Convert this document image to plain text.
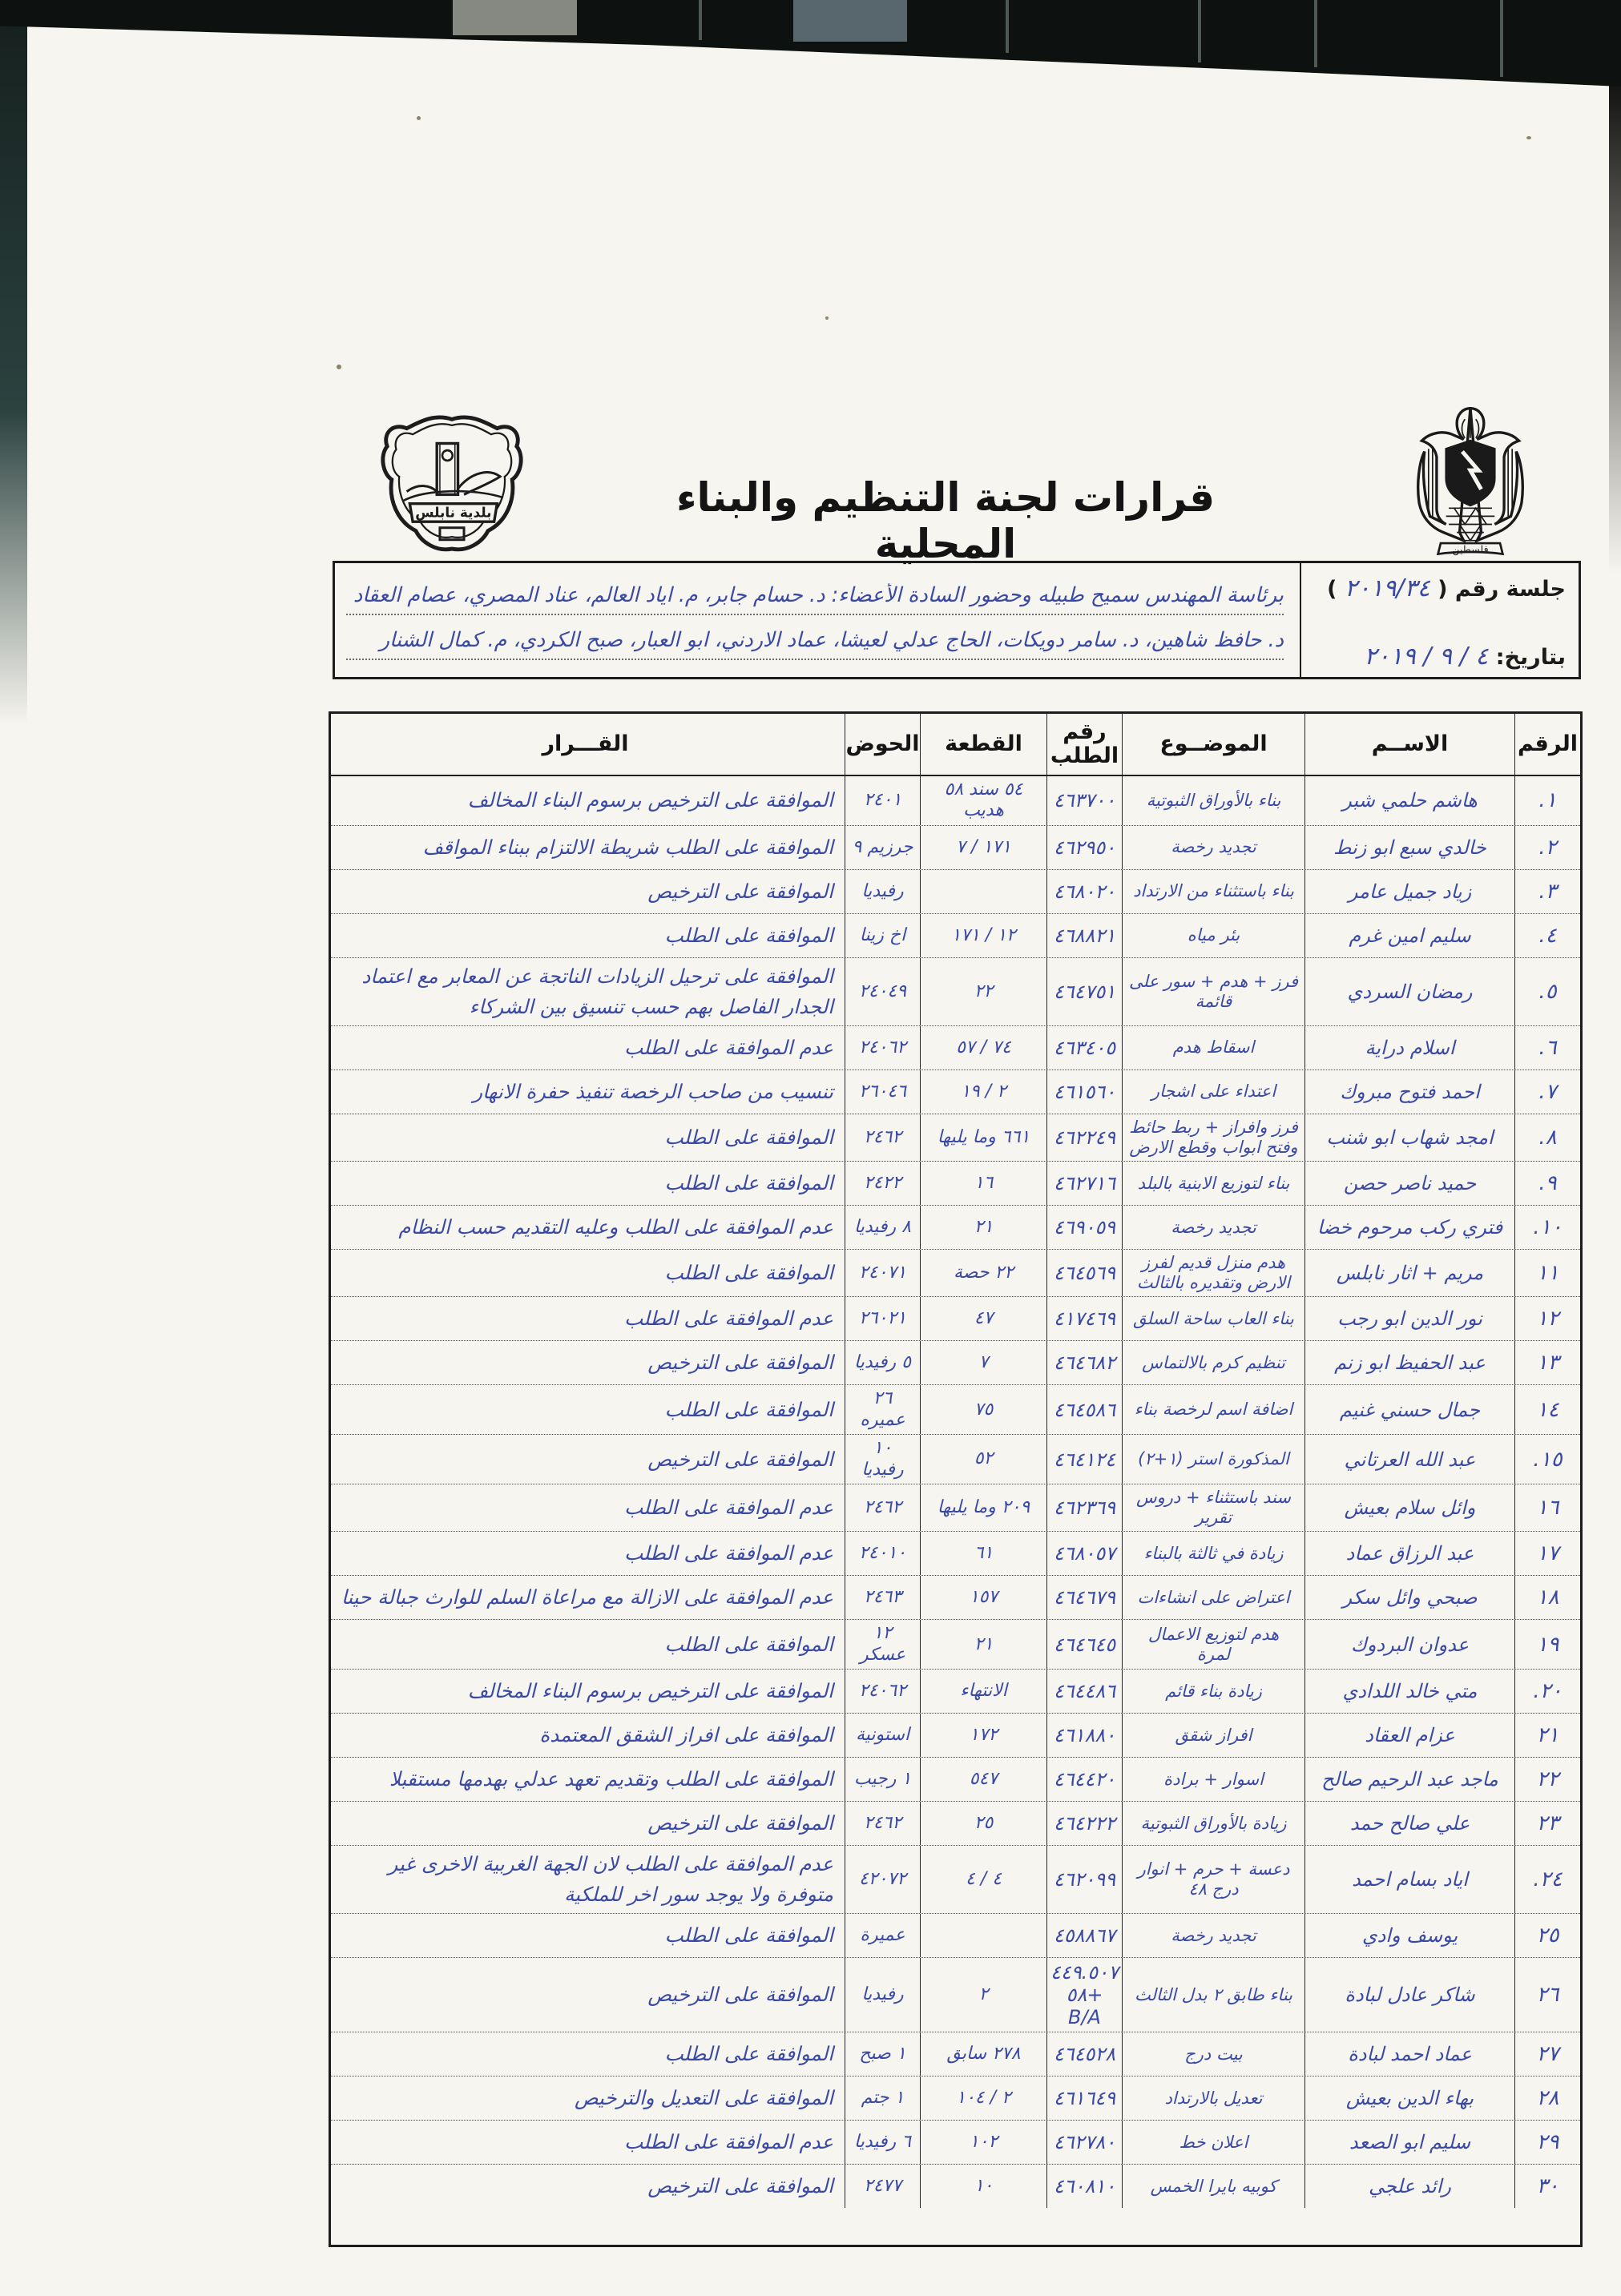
بلدية نابلس
فلسطين
قرارات لجنة التنظيم والبناء المحلية
جلسة رقم ( ٢٠١٩/٣٤ )
بتاريخ: ٤ / ٩ / ٢٠١٩
برئاسة المهندس سميح طبيله وحضور السادة الأعضاء: د. حسام جابر، م. اياد العالم، عناد المصري، عصام العقاد
د. حافظ شاهين، د. سامر دويكات، الحاج عدلي لعيشا، عماد الاردني، ابو العبار، صبح الكردي، م. كمال الشنار
الرقم
الاســم
الموضــوع
رقم الطلب
القطعة
الحوض
القـــرار
١.
هاشم حلمي شبر
بناء بالأوراق الثبوتية
٤٦٣٧٠٠
٥٤ سند ٥٨ هديب
٢٤٠١
الموافقة على الترخيص برسوم البناء المخالف
٢.
خالدي سبع ابو زنط
تجديد رخصة
٤٦٢٩٥٠
١٧١ / ٧
جرزيم ٩
الموافقة على الطلب شريطة الالتزام ببناء المواقف
٣.
زياد جميل عامر
بناء باستثناء من الارتداد
٤٦٨٠٢٠
رفيديا
الموافقة على الترخيص
٤.
سليم امين غرم
بئر مياه
٤٦٨٨٢١
١٢ / ١٧١
اخ زينا
الموافقة على الطلب
٥.
رمضان السردي
فرز + هدم + سور على قائمة
٤٦٤٧٥١
٢٢
٢٤٠٤٩
الموافقة على ترحيل الزيادات الناتجة عن المعابر مع اعتماد الجدار الفاصل بهم حسب تنسيق بين الشركاء
٦.
اسلام دراية
اسقاط هدم
٤٦٣٤٠٥
٧٤ / ٥٧
٢٤٠٦٢
عدم الموافقة على الطلب
٧.
احمد فتوح مبروك
اعتداء على اشجار
٤٦١٥٦٠
٢ / ١٩
٢٦٠٤٦
تنسيب من صاحب الرخصة تنفيذ حفرة الانهار
٨.
امجد شهاب ابو شنب
فرز وافراز + ربط حائط وفتح ابواب وقطع الارض
٤٦٢٢٤٩
٦٦١ وما يليها
٢٤٦٢
الموافقة على الطلب
٩.
حميد ناصر حصن
بناء لتوزيع الابنية بالبلد
٤٦٢٧١٦
١٦
٢٤٢٢
الموافقة على الطلب
١٠.
فتري ركب مرحوم خضا
تجديد رخصة
٤٦٩٠٥٩
٢١
٨ رفيديا
عدم الموافقة على الطلب وعليه التقديم حسب النظام
١١
مريم + اثار نابلس
هدم منزل قديم لفرز الارض وتقديره بالثالث
٤٦٤٥٦٩
٢٢ حصة
٢٤٠٧١
الموافقة على الطلب
١٢
نور الدين ابو رجب
بناء العاب ساحة السلق
٤١٧٤٦٩
٤٧
٢٦٠٢١
عدم الموافقة على الطلب
١٣
عبد الحفيظ ابو زنم
تنظيم كرم بالالتماس
٤٦٤٦٨٢
٧
٥ رفيديا
الموافقة على الترخيص
١٤
جمال حسني غنيم
اضافة اسم لرخصة بناء
٤٦٤٥٨٦
٧٥
٢٦ عميره
الموافقة على الطلب
١٥.
عبد الله العرتاني
المذكورة استر (١+٢)
٤٦٤١٢٤
٥٢
١٠ رفيديا
الموافقة على الترخيص
١٦
وائل سلام بعيش
سند باستثناء + دروس تقرير
٤٦٢٣٦٩
٢٠٩ وما يليها
٢٤٦٢
عدم الموافقة على الطلب
١٧
عبد الرزاق عماد
زيادة في ثالثة بالبناء
٤٦٨٠٥٧
٦١
٢٤٠١٠
عدم الموافقة على الطلب
١٨
صبحي وائل سكر
اعتراض على انشاءات
٤٦٤٦٧٩
١٥٧
٢٤٦٣
عدم الموافقة على الازالة مع مراعاة السلم للوارث جبالة حينا
١٩
عدوان البردوك
هدم لتوزيع الاعمال لمرة
٤٦٤٦٤٥
٢١
١٢ عسكر
الموافقة على الطلب
٢٠.
متي خالد اللدادي
زيادة بناء قائم
٤٦٤٤٨٦
الانتهاء
٢٤٠٦٢
الموافقة على الترخيص برسوم البناء المخالف
٢١
عزام العقاد
افراز شقق
٤٦١٨٨٠
١٧٢
استونية
الموافقة على افراز الشقق المعتمدة
٢٢
ماجد عبد الرحيم صالح
اسوار + برادة
٤٦٤٤٢٠
٥٤٧
١ رجيب
الموافقة على الطلب وتقديم تعهد عدلي بهدمها مستقبلا
٢٣
علي صالح حمد
زيادة بالأوراق الثبوتية
٤٦٤٢٢٢
٢٥
٢٤٦٢
الموافقة على الترخيص
٢٤.
اياد بسام احمد
دعسة + حرم + انوار درج ٤٨
٤٦٢٠٩٩
٤ / ٤
٤٢٠٧٢
عدم الموافقة على الطلب لان الجهة الغربية الاخرى غير متوفرة ولا يوجد سور اخر للملكية
٢٥
يوسف وادي
تجديد رخصة
٤٥٨٨٦٧
عميرة
الموافقة على الطلب
٢٦
شاكر عادل لبادة
بناء طابق ٢ بدل الثالث
٤٤٩.٥٠٧ +٥٨ B/A
٢
رفيديا
الموافقة على الترخيص
٢٧
عماد احمد لبادة
بيت درج
٤٦٤٥٢٨
٢٧٨ سابق
١ صبح
الموافقة على الطلب
٢٨
بهاء الدين بعيش
تعديل بالارتداد
٤٦١٦٤٩
٢ / ١٠٤
١ جتم
الموافقة على التعديل والترخيص
٢٩
سليم ابو الصعد
اعلان خط
٤٦٢٧٨٠
١٠٢
٦ رفيديا
عدم الموافقة على الطلب
٣٠
رائد علجي
كوبيه بايرا الخمس
٤٦٠٨١٠
١٠
٢٤٧٧
الموافقة على الترخيص
